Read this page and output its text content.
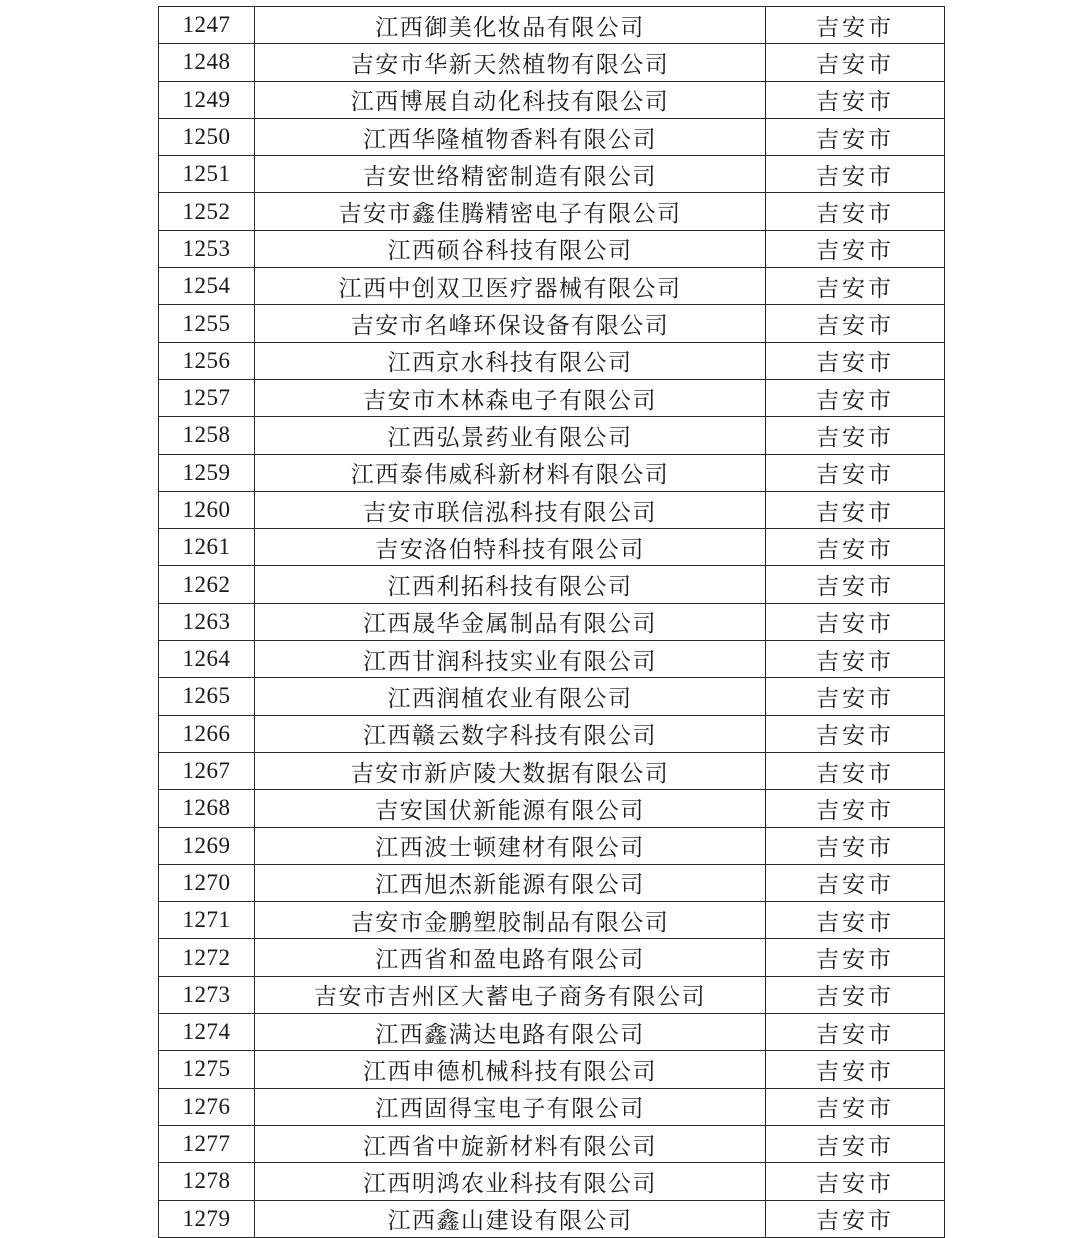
1247	江西御美化妆品有限公司	吉安市
1248	吉安市华新天然植物有限公司	吉安市
1249	江西博展自动化科技有限公司	吉安市
1250	江西华隆植物香料有限公司	吉安市
1251	吉安世络精密制造有限公司	吉安市
1252	吉安市鑫佳腾精密电子有限公司	吉安市
1253	江西硕谷科技有限公司	吉安市
1254	江西中创双卫医疗器械有限公司	吉安市
1255	吉安市名峰环保设备有限公司	吉安市
1256	江西京水科技有限公司	吉安市
1257	吉安市木林森电子有限公司	吉安市
1258	江西弘景药业有限公司	吉安市
1259	江西泰伟威科新材料有限公司	吉安市
1260	吉安市联信泓科技有限公司	吉安市
1261	吉安洛伯特科技有限公司	吉安市
1262	江西利拓科技有限公司	吉安市
1263	江西晟华金属制品有限公司	吉安市
1264	江西甘润科技实业有限公司	吉安市
1265	江西润植农业有限公司	吉安市
1266	江西赣云数字科技有限公司	吉安市
1267	吉安市新庐陵大数据有限公司	吉安市
1268	吉安国伏新能源有限公司	吉安市
1269	江西波士顿建材有限公司	吉安市
1270	江西旭杰新能源有限公司	吉安市
1271	吉安市金鹏塑胶制品有限公司	吉安市
1272	江西省和盈电路有限公司	吉安市
1273	吉安市吉州区大蓄电子商务有限公司	吉安市
1274	江西鑫满达电路有限公司	吉安市
1275	江西申德机械科技有限公司	吉安市
1276	江西固得宝电子有限公司	吉安市
1277	江西省中旋新材料有限公司	吉安市
1278	江西明鸿农业科技有限公司	吉安市
1279	江西鑫山建设有限公司	吉安市
